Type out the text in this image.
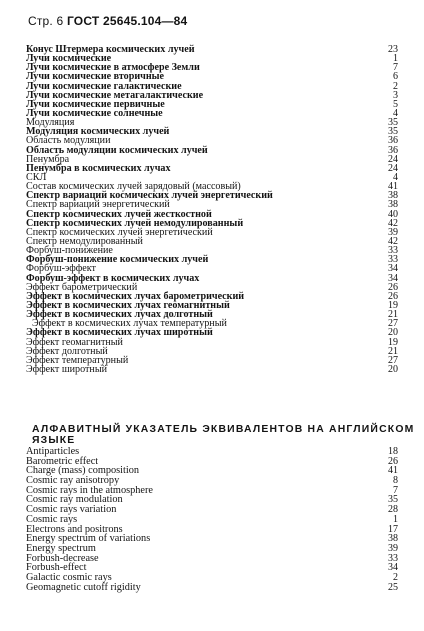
Стр. 6 ГОСТ 25645.104—84
Конус Штермера космических лучей	23
Лучи космические	1
Лучи космические в атмосфере Земли	7
Лучи космические вторичные	6
Лучи космические галактические	2
Лучи космические метагалактические	3
Лучи космические первичные	5
Лучи космические солнечные	4
Модуляция	35
Модуляция космических лучей	35
Область модуляции	36
Область модуляции космических лучей	36
Пенумбра	24
Пенумбра в космических лучах	24
СКЛ	4
Состав космических лучей зарядовый (массовый)	41
Спектр вариаций космических лучей энергетический	38
Спектр вариаций энергетический	38
Спектр космических лучей жесткостной	40
Спектр космических лучей немодулированный	42
Спектр космических лучей энергетический	39
Спектр немодулированный	42
Форбуш-понижение	33
Форбуш-понижение космических лучей	33
Форбуш-эффект	34
Форбуш-эффект в космических лучах	34
Эффект барометрический	26
Эффект в космических лучах барометрический	26
Эффект в космических лучах геомагнитный	19
Эффект в космических лучах долготный	21
Эффект в космических лучах температурный	27
Эффект в космических лучах широтный	20
Эффект геомагнитный	19
Эффект долготный	21
Эффект температурный	27
Эффект широтный	20
АЛФАВИТНЫЙ УКАЗАТЕЛЬ ЭКВИВАЛЕНТОВ НА АНГЛИЙСКОМ ЯЗЫКЕ
Antiparticles	18
Barometric effect	26
Charge (mass) composition	41
Cosmic ray anisotropy	8
Cosmic rays in the atmosphere	7
Cosmic ray modulation	35
Cosmic rays variation	28
Cosmic rays	1
Electrons and positrons	17
Energy spectrum of variations	38
Energy spectrum	39
Forbush-decrease	33
Forbush-effect	34
Galactic cosmic rays	2
Geomagnetic cutoff rigidity	25
